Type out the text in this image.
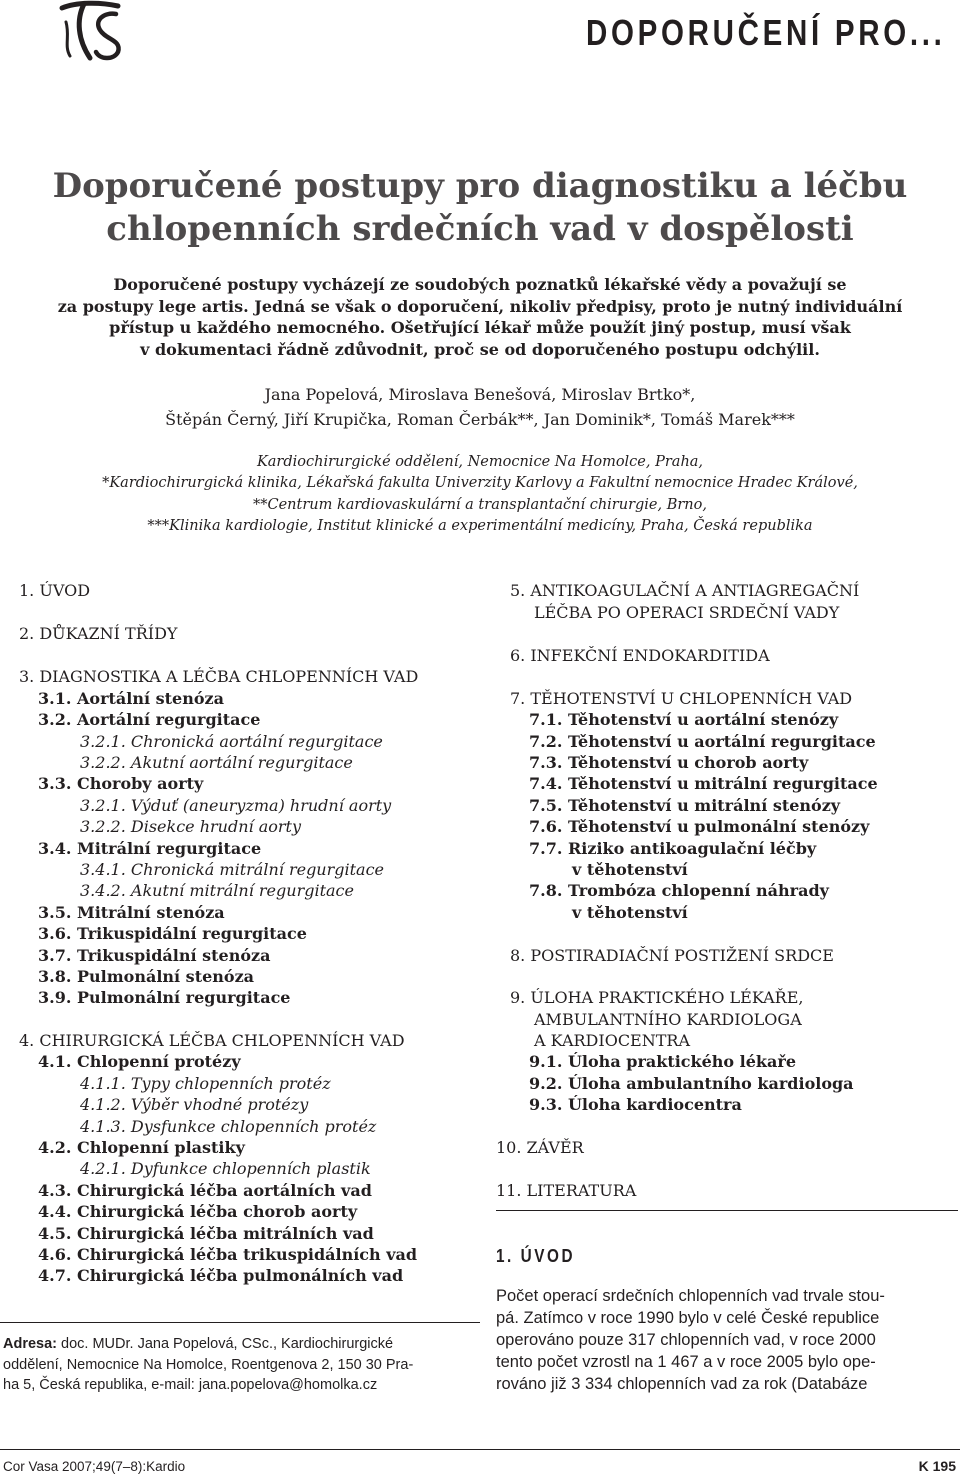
DOPORUČENÍ PRO...
Doporučené postupy pro diagnostiku a léčbu
chlopenních srdečních vad v dospělosti
Doporučené postupy vycházejí ze soudobých poznatků lékařské vědy a považují se
za postupy lege artis. Jedná se však o doporučení, nikoliv předpisy, proto je nutný individuální
přístup u každého nemocného. Ošetřující lékař může použít jiný postup, musí však
v dokumentaci řádně zdůvodnit, proč se od doporučeného postupu odchýlil.
Jana Popelová, Miroslava Benešová, Miroslav Brtko*,
Štěpán Černý, Jiří Krupička, Roman Čerbák**, Jan Dominik*, Tomáš Marek***
Kardiochirurgické oddělení, Nemocnice Na Homolce, Praha,
*Kardiochirurgická klinika, Lékařská fakulta Univerzity Karlovy a Fakultní nemocnice Hradec Králové,
**Centrum kardiovaskulární a transplantační chirurgie, Brno,
***Klinika kardiologie, Institut klinické a experimentální medicíny, Praha, Česká republika
1. ÚVOD
2. DŮKAZNÍ TŘÍDY
3. DIAGNOSTIKA A LÉČBA CHLOPENNÍCH VAD
3.1. Aortální stenóza
3.2. Aortální regurgitace
3.2.1. Chronická aortální regurgitace
3.2.2. Akutní aortální regurgitace
3.3. Choroby aorty
3.2.1. Výduť (aneuryzma) hrudní aorty
3.2.2. Disekce hrudní aorty
3.4. Mitrální regurgitace
3.4.1. Chronická mitrální regurgitace
3.4.2. Akutní mitrální regurgitace
3.5. Mitrální stenóza
3.6. Trikuspidální regurgitace
3.7. Trikuspidální stenóza
3.8. Pulmonální stenóza
3.9. Pulmonální regurgitace
4. CHIRURGICKÁ LÉČBA CHLOPENNÍCH VAD
4.1. Chlopenní protézy
4.1.1. Typy chlopenních protéz
4.1.2. Výběr vhodné protézy
4.1.3. Dysfunkce chlopenních protéz
4.2. Chlopenní plastiky
4.2.1. Dyfunkce chlopenních plastik
4.3. Chirurgická léčba aortálních vad
4.4. Chirurgická léčba chorob aorty
4.5. Chirurgická léčba mitrálních vad
4.6. Chirurgická léčba trikuspidálních vad
4.7. Chirurgická léčba pulmonálních vad
5. ANTIKOAGULAČNÍ A ANTIAGREGAČNÍ
LÉČBA PO OPERACI SRDEČNÍ VADY
6. INFEKČNÍ ENDOKARDITIDA
7. TĚHOTENSTVÍ U CHLOPENNÍCH VAD
7.1. Těhotenství u aortální stenózy
7.2. Těhotenství u aortální regurgitace
7.3. Těhotenství u chorob aorty
7.4. Těhotenství u mitrální regurgitace
7.5. Těhotenství u mitrální stenózy
7.6. Těhotenství u pulmonální stenózy
7.7. Riziko antikoagulační léčby
v těhotenství
7.8. Trombóza chlopenní náhrady
v těhotenství
8. POSTIRADIAČNÍ POSTIŽENÍ SRDCE
9. ÚLOHA PRAKTICKÉHO LÉKAŘE,
AMBULANTNÍHO KARDIOLOGA
A KARDIOCENTRA
9.1. Úloha praktického lékaře
9.2. Úloha ambulantního kardiologa
9.3. Úloha kardiocentra
10. ZÁVĚR
11. LITERATURA
Adresa: doc. MUDr. Jana Popelová, CSc., Kardiochirurgické
oddělení, Nemocnice Na Homolce, Roentgenova 2, 150 30 Pra-
ha 5, Česká republika, e-mail: jana.popelova@homolka.cz
1. ÚVOD
Počet operací srdečních chlopenních vad trvale stou-
pá. Zatímco v roce 1990 bylo v celé České republice
operováno pouze 317 chlopenních vad, v roce 2000
tento počet vzrostl na 1 467 a v roce 2005 bylo ope-
rováno již 3 334 chlopenních vad za rok (Databáze
Cor Vasa 2007;49(7–8):Kardio	K 195
